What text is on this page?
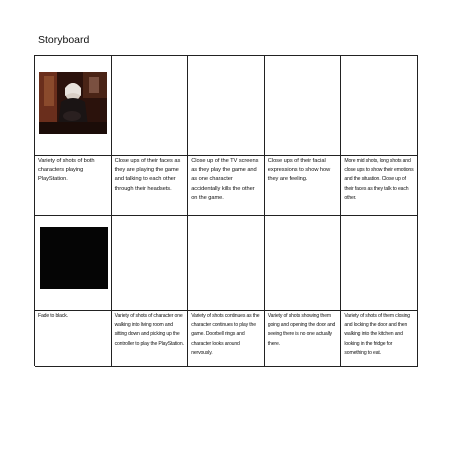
Storyboard
Variety of shots of both characters playing PlayStation.
Close ups of their faces as they are playing the game and talking to each other through their headsets.
Close up of the TV screens as they play the game and as one character accidentally kills the other on the game.
Close ups of their facial expressions to show how they are feeling.
More mid shots, long shots and close ups to show their emotions and the situation. Close up of their faces as they talk to each other.
Fade to black.	Variety of shots of character one walking into living room and sitting down and picking up the controller to play the PlayStation.
Variety of shots continues as the character continues to play the game. Doorbell rings and character looks around nervously.
Variety of shots showing them going and opening the door and seeing there is no one actually there.
Variety of shots of them closing and locking the door and then walking into the kitchen and looking in the fridge for something to eat.
